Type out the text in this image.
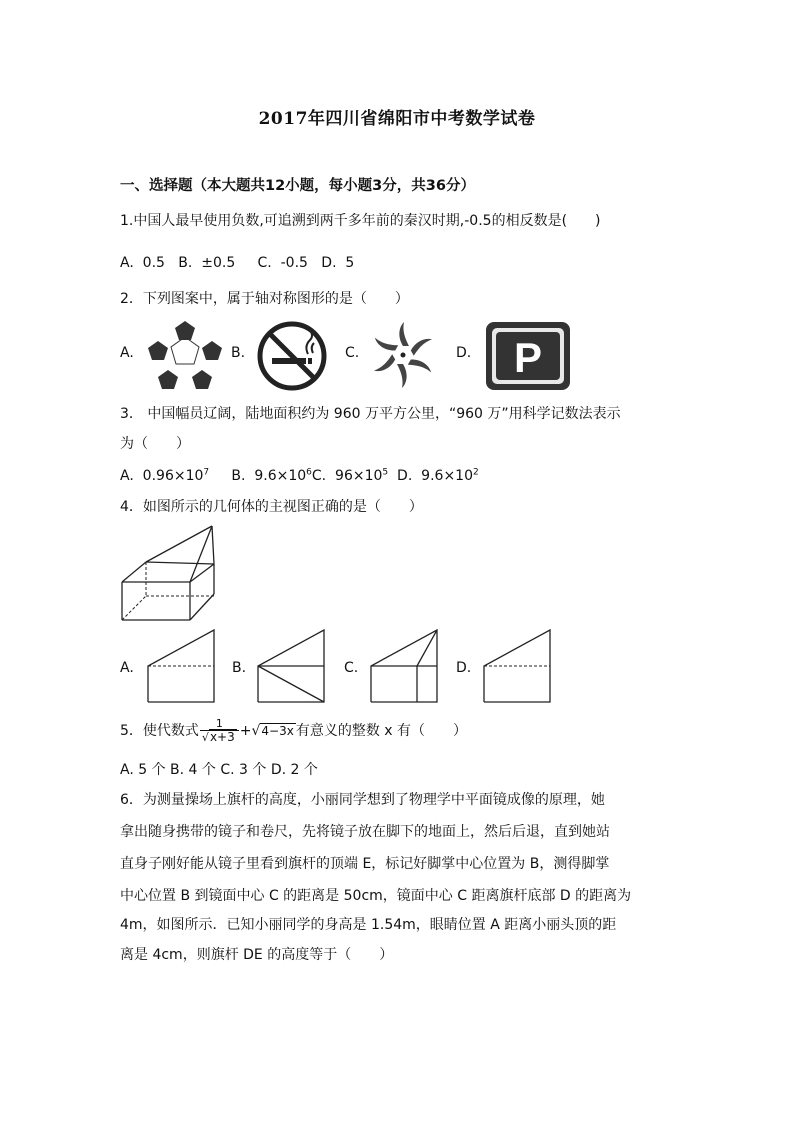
2017年四川省绵阳市中考数学试卷
一、选择题（本大题共12小题，每小题3分，共36分）
1.中国人最早使用负数,可追溯到两千多年前的秦汉时期,-0.5的相反数是(　　)
A.  0.5   B.  ±0.5     C.  -0.5   D.  5
2．下列图案中，属于轴对称图形的是（　　）
A.	B.	C.	D. P
3． 中国幅员辽阔，陆地面积约为 960 万平方公里，“960 万”用科学记数法表示
为（　　）
A.  $0.96\times 10^7$ B.  $9.6\times 10^6C$.  $96\times 10^5$ D.  $9.6\times 10^2$
4．如图所示的几何体的主视图正确的是（　　）
A.	B.	C.	D.
5．使代数式 $\frac{1}{√x+3} +√4-3x$ 有意义的整数 x 有（　　）
A. 5 个 B. 4 个 C. 3 个 D. 2 个
6．为测量操场上旗杆的高度，小丽同学想到了物理学中平面镜成像的原理，她
拿出随身携带的镜子和卷尺，先将镜子放在脚下的地面上，然后后退，直到她站
直身子刚好能从镜子里看到旗杆的顶端 E，标记好脚掌中心位置为 B，测得脚掌
中心位置 B 到镜面中心 C 的距离是 50cm，镜面中心 C 距离旗杆底部 D 的距离为
4m，如图所示．已知小丽同学的身高是 1.54m，眼睛位置 A 距离小丽头顶的距
离是 4cm，则旗杆 DE 的高度等于（　　）
